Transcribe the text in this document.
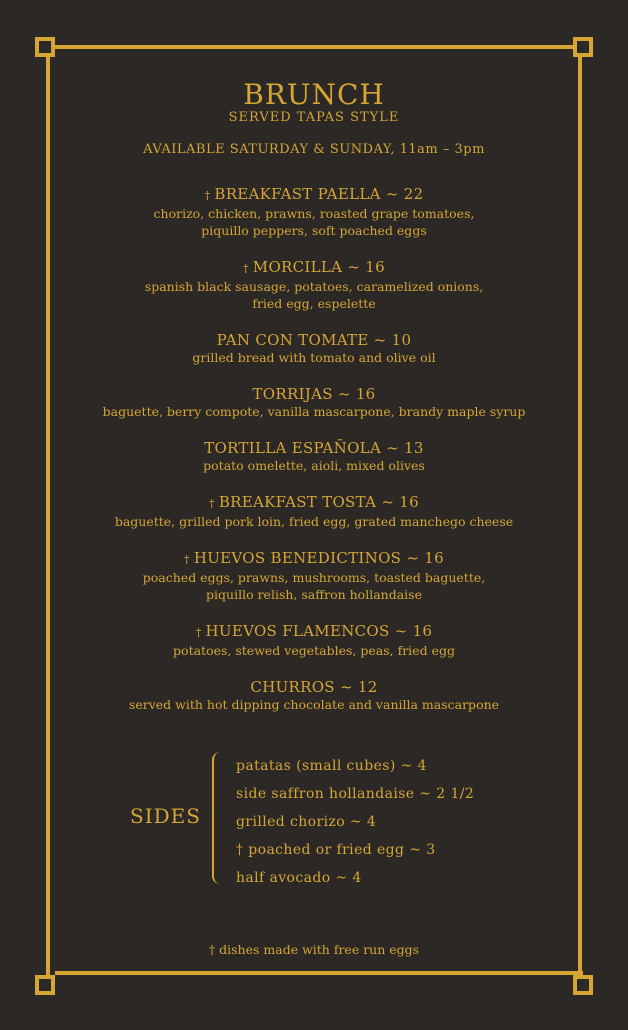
BRUNCH
SERVED TAPAS STYLE
AVAILABLE SATURDAY & SUNDAY, 11am – 3pm
† BREAKFAST PAELLA ~ 22
chorizo, chicken, prawns, roasted grape tomatoes,
piquillo peppers, soft poached eggs
† MORCILLA ~ 16
spanish black sausage, potatoes, caramelized onions,
fried egg, espelette
PAN CON TOMATE ~ 10
grilled bread with tomato and olive oil
TORRIJAS ~ 16
baguette, berry compote, vanilla mascarpone, brandy maple syrup
TORTILLA ESPAÑOLA ~ 13
potato omelette, aioli, mixed olives
† BREAKFAST TOSTA ~ 16
baguette, grilled pork loin, fried egg, grated manchego cheese
† HUEVOS BENEDICTINOS ~ 16
poached eggs, prawns, mushrooms, toasted baguette,
piquillo relish, saffron hollandaise
† HUEVOS FLAMENCOS ~ 16
potatoes, stewed vegetables, peas, fried egg
CHURROS ~ 12
served with hot dipping chocolate and vanilla mascarpone
SIDES
patatas (small cubes) ~ 4
side saffron hollandaise ~ 2 1/2
grilled chorizo ~ 4
† poached or fried egg ~ 3
half avocado ~ 4
† dishes made with free run eggs
